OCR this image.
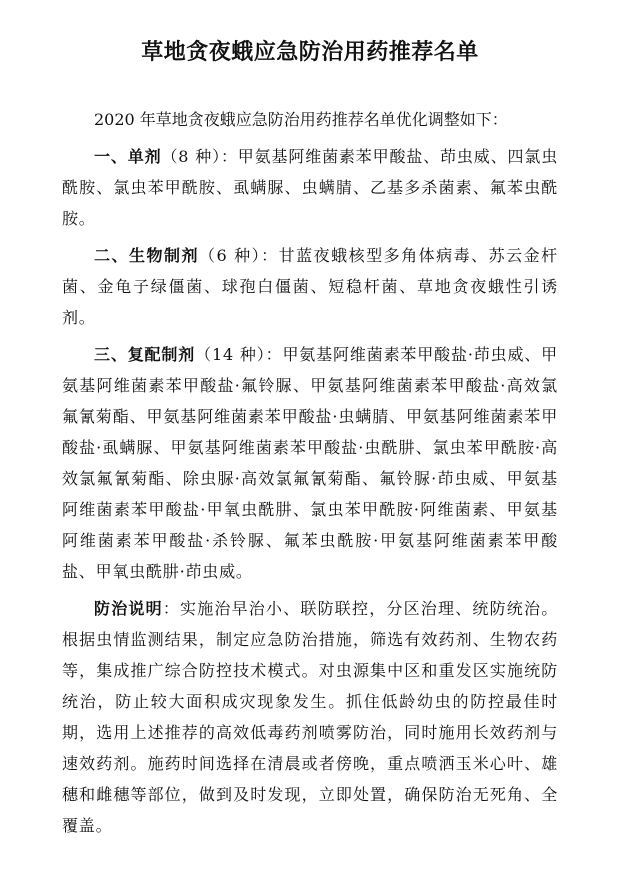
草地贪夜蛾应急防治用药推荐名单

2020 年草地贪夜蛾应急防治用药推荐名单优化调整如下：

一、单剂（8 种）：甲氨基阿维菌素苯甲酸盐、茚虫威、四氯虫酰胺、氯虫苯甲酰胺、虱螨脲、虫螨腈、乙基多杀菌素、氟苯虫酰胺。

二、生物制剂（6 种）：甘蓝夜蛾核型多角体病毒、苏云金杆菌、金龟子绿僵菌、球孢白僵菌、短稳杆菌、草地贪夜蛾性引诱剂。

三、复配制剂（14 种）：甲氨基阿维菌素苯甲酸盐·茚虫威、甲氨基阿维菌素苯甲酸盐·氟铃脲、甲氨基阿维菌素苯甲酸盐·高效氯氟氰菊酯、甲氨基阿维菌素苯甲酸盐·虫螨腈、甲氨基阿维菌素苯甲酸盐·虱螨脲、甲氨基阿维菌素苯甲酸盐·虫酰肼、氯虫苯甲酰胺·高效氯氟氰菊酯、除虫脲·高效氯氟氰菊酯、氟铃脲·茚虫威、甲氨基阿维菌素苯甲酸盐·甲氧虫酰肼、氯虫苯甲酰胺·阿维菌素、甲氨基阿维菌素苯甲酸盐·杀铃脲、氟苯虫酰胺·甲氨基阿维菌素苯甲酸盐、甲氧虫酰肼·茚虫威。

防治说明：实施治早治小、联防联控，分区治理、统防统治。根据虫情监测结果，制定应急防治措施，筛选有效药剂、生物农药等，集成推广综合防控技术模式。对虫源集中区和重发区实施统防统治，防止较大面积成灾现象发生。抓住低龄幼虫的防控最佳时期，选用上述推荐的高效低毒药剂喷雾防治，同时施用长效药剂与速效药剂。施药时间选择在清晨或者傍晚，重点喷洒玉米心叶、雄穗和雌穗等部位，做到及时发现，立即处置，确保防治无死角、全覆盖。
